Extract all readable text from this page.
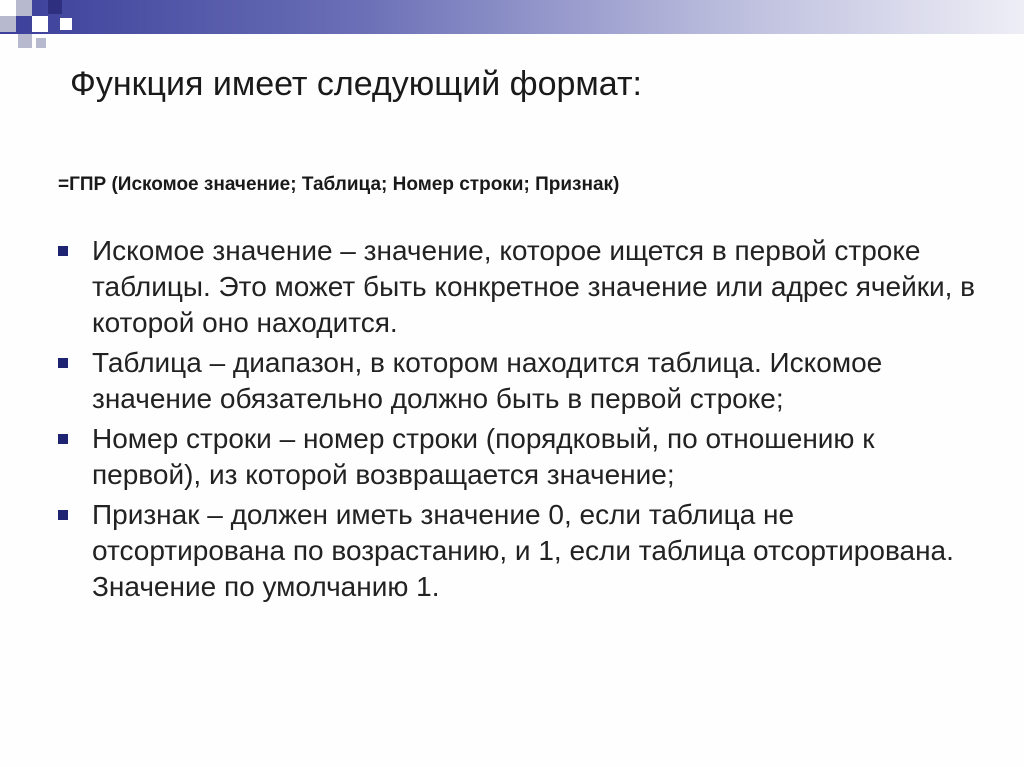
Функция имеет следующий формат:
=ГПР (Искомое значение; Таблица; Номер строки; Признак)
Искомое значение – значение, которое ищется в первой строке таблицы. Это может быть конкретное значение или адрес ячейки, в которой оно находится.
Таблица – диапазон, в котором находится таблица. Искомое значение обязательно должно быть в первой строке;
Номер строки – номер строки (порядковый, по отношению к первой), из которой возвращается значение;
Признак – должен иметь значение 0, если таблица не отсортирована по возрастанию, и 1, если таблица отсортирована. Значение по умолчанию 1.
